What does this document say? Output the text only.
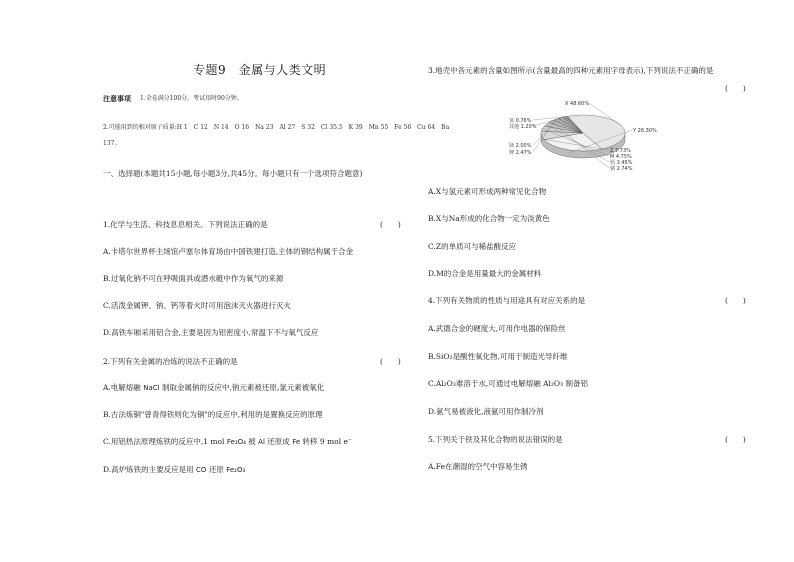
专题9　金属与人类文明
注意事项 1.全卷满分100分。考试用时90分钟。
2.可能用到的相对原子质量:H 1　C 12　N 14　O 16　Na 23　Al 27　S 32　Cl 35.5　K 39　Mn 55　Fe 56　Cu 64　Ba
137。
一、选择题(本题共15小题,每小题3分,共45分。每小题只有一个选项符合题意)
1.化学与生活、科技息息相关。下列说法正确的是	(　　)
A.卡塔尔世界杯主场馆卢塞尔体育场由中国铁建打造,主体的钢结构属于合金
B.过氧化钠不可在呼吸面具或潜水艇中作为氧气的来源
C.活泼金属钾、钠、钙等着火时可用泡沫灭火器进行灭火
D.高铁车厢采用铝合金,主要是因为铝密度小,常温下不与氧气反应
2.下列有关金属的冶炼的说法不正确的是	(　　)
A.电解熔融 NaCl 制取金属钠的反应中,钠元素被还原,氯元素被氧化
B.古法炼铜"曾青得铁则化为铜"的反应中,利用的是置换反应的原理
C.用铝热法原理炼铁的反应中,1 mol Fe₃O₄ 被 Al 还原成 Fe 转移 9 mol e⁻
D.高炉炼铁的主要反应是用 CO 还原 Fe₂O₃
3.地壳中各元素的含量如图所示(含量最高的四种元素用字母表示),下列说法不正确的是
(　　)
X 48.60%
Y 26.30%
Z 7.73%
M 4.75%
钙 3.45%
钠 2.74%
钾 2.47%
镁 2.00%
其他 1.20%
氢 0.76%
A.X与氢元素可形成两种常见化合物
B.X与Na形成的化合物一定为淡黄色
C.Z的单质可与稀盐酸反应
D.M的合金是用量最大的金属材料
4.下列有关物质的性质与用途具有对应关系的是	(　　)
A.武德合金的硬度大,可用作电器的保险丝
B.SiO₂是酸性氧化物,可用于制造光导纤维
C.Al₂O₃难溶于水,可通过电解熔融 Al₂O₃ 制备铝
D.氨气易被液化,液氨可用作制冷剂
5.下列关于铁及其化合物的说法错误的是	(　　)
A.Fe在潮湿的空气中容易生锈
